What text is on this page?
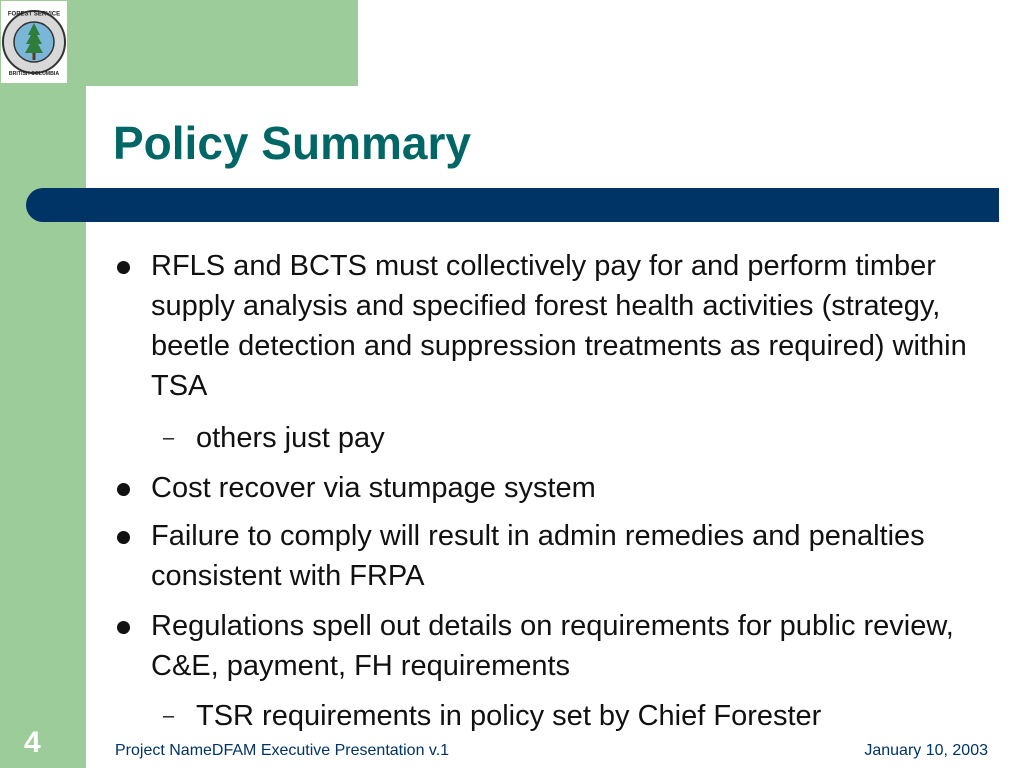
FOREST SERVICE
BRITISH COLUMBIA
Policy Summary

RFLS and BCTS must collectively pay for and perform timber supply analysis and specified forest health activities (strategy, beetle detection and suppression treatments as required) within TSA

– others just pay

Cost recover via stumpage system

Failure to comply will result in admin remedies and penalties consistent with FRPA

Regulations spell out details on requirements for public review, C&E, payment, FH requirements

– TSR requirements in policy set by Chief Forester

4	Project NameDFAM Executive Presentation v.1	January 10, 2003
